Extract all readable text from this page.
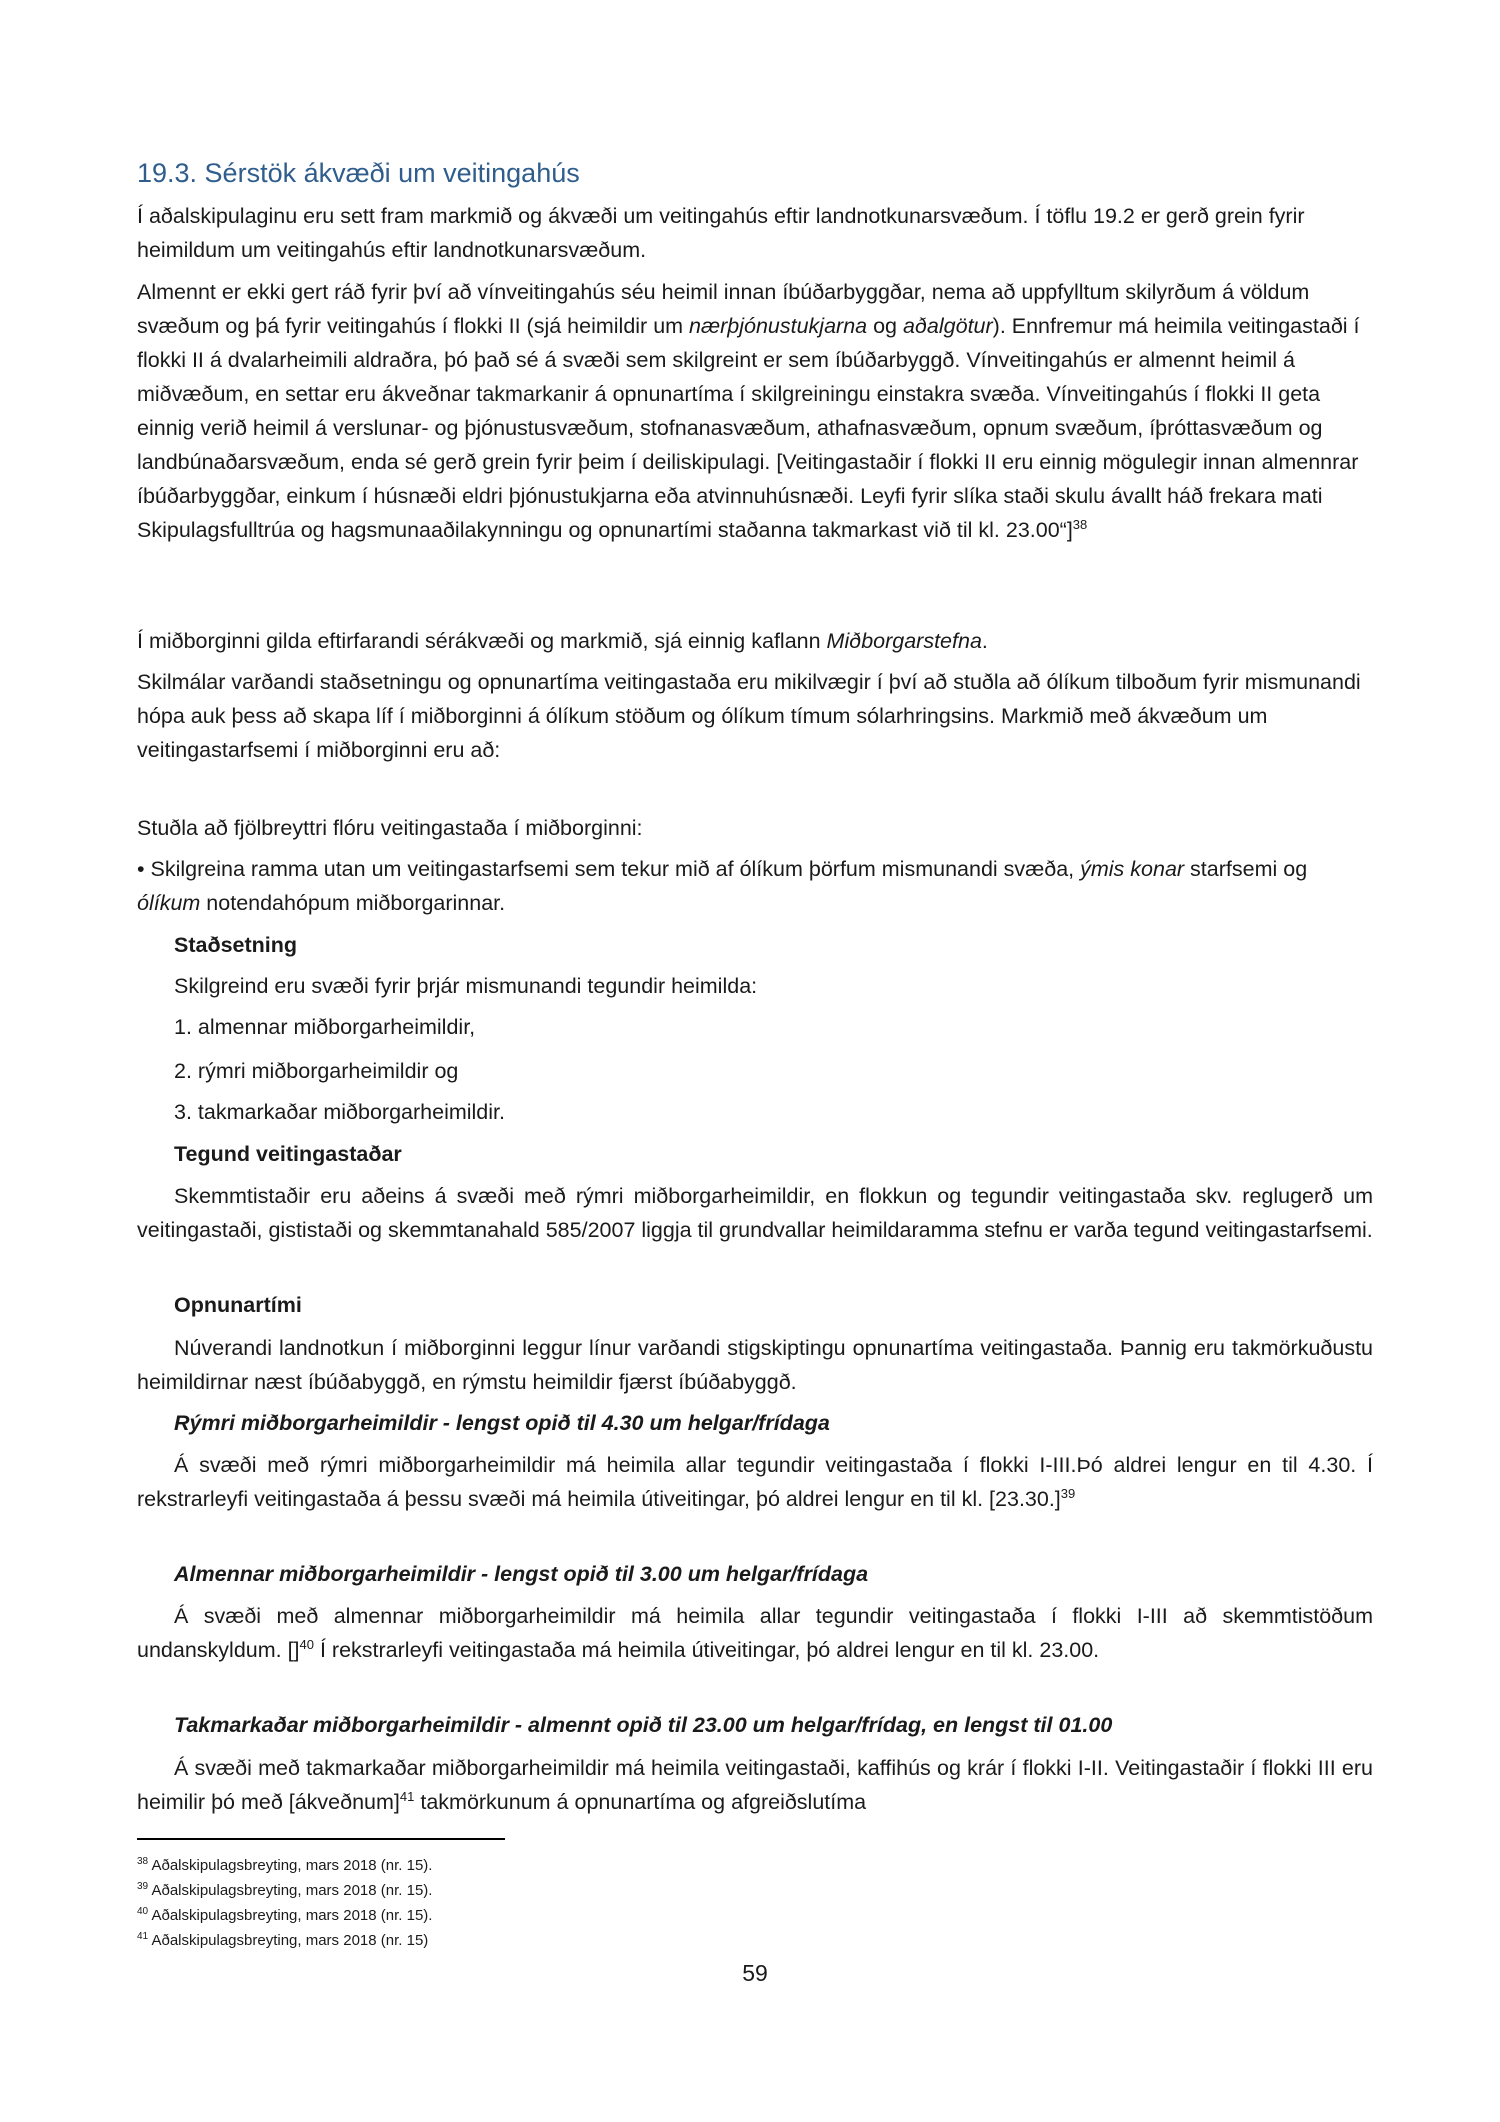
19.3. Sérstök ákvæði um veitingahús
Í aðalskipulaginu eru sett fram markmið og ákvæði um veitingahús eftir landnotkunarsvæðum. Í töflu 19.2 er gerð grein fyrir heimildum um veitingahús eftir landnotkunarsvæðum.
Almennt er ekki gert ráð fyrir því að vínveitingahús séu heimil innan íbúðarbyggðar, nema að uppfylltum skilyrðum á völdum svæðum og þá fyrir veitingahús í flokki II (sjá heimildir um nærþjónustukjarna og aðalgötur). Ennfremur má heimila veitingastaði í flokki II á dvalarheimili aldraðra, þó það sé á svæði sem skilgreint er sem íbúðarbyggð. Vínveitingahús er almennt heimil á miðvæðum, en settar eru ákveðnar takmarkanir á opnunartíma í skilgreiningu einstakra svæða. Vínveitingahús í flokki II geta einnig verið heimil á verslunar- og þjónustusvæðum, stofnanasvæðum, athafnasvæðum, opnum svæðum, íþróttasvæðum og landbúnaðarsvæðum, enda sé gerð grein fyrir þeim í deiliskipulagi. [Veitingastaðir í flokki II eru einnig mögulegir innan almennrar íbúðarbyggðar, einkum í húsnæði eldri þjónustukjarna eða atvinnuhúsnæði. Leyfi fyrir slíka staði skulu ávallt háð frekara mati Skipulagsfulltrúa og hagsmunaaðilakynningu og opnunartími staðanna takmarkast við til kl. 23.00“]$^{38}$
Í miðborginni gilda eftirfarandi sérákvæði og markmið, sjá einnig kaflann Miðborgarstefna.
Skilmálar varðandi staðsetningu og opnunartíma veitingastaða eru mikilvægir í því að stuðla að ólíkum tilboðum fyrir mismunandi hópa auk þess að skapa líf í miðborginni á ólíkum stöðum og ólíkum tímum sólarhringsins. Markmið með ákvæðum um veitingastarfsemi í miðborginni eru að:
Stuðla að fjölbreyttri flóru veitingastaða í miðborginni:
• Skilgreina ramma utan um veitingastarfsemi sem tekur mið af ólíkum þörfum mismunandi svæða, ýmis konar starfsemi og ólíkum notendahópum miðborgarinnar.
Staðsetning
Skilgreind eru svæði fyrir þrjár mismunandi tegundir heimilda:
1. almennar miðborgarheimildir,
2. rýmri miðborgarheimildir og
3. takmarkaðar miðborgarheimildir.
Tegund veitingastaðar
Skemmtistaðir eru aðeins á svæði með rýmri miðborgarheimildir, en flokkun og tegundir veitingastaða skv. reglugerð um veitingastaði, gististaði og skemmtanahald 585/2007 liggja til grundvallar heimildaramma stefnu er varða tegund veitingastarfsemi.
Opnunartími
Núverandi landnotkun í miðborginni leggur línur varðandi stigskiptingu opnunartíma veitingastaða. Þannig eru takmörkuðustu heimildirnar næst íbúðabyggð, en rýmstu heimildir fjærst íbúðabyggð.
Rýmri miðborgarheimildir - lengst opið til 4.30 um helgar/frídaga
Á svæði með rýmri miðborgarheimildir má heimila allar tegundir veitingastaða í flokki I-III.Þó aldrei lengur en til 4.30. Í rekstrarleyfi veitingastaða á þessu svæði má heimila útiveitingar, þó aldrei lengur en til kl. $[23.30.]^{39}$
Almennar miðborgarheimildir - lengst opið til 3.00 um helgar/frídaga
Á svæði með almennar miðborgarheimildir má heimila allar tegundir veitingastaða í flokki I-III að skemmtistöðum undanskyldum. []$^{40}$ Í rekstrarleyfi veitingastaða má heimila útiveitingar, þó aldrei lengur en til kl. 23.00.
Takmarkaðar miðborgarheimildir - almennt opið til 23.00 um helgar/frídag, en lengst til 01.00
Á svæði með takmarkaðar miðborgarheimildir má heimila veitingastaði, kaffihús og krár í flokki I-II. Veitingastaðir í flokki III eru heimilir þó með [ákveðnum]$^{41}$ takmörkunum á opnunartíma og afgreiðslutíma
$^{38}$ Aðalskipulagsbreyting, mars 2018 (nr. 15).
$^{39}$ Aðalskipulagsbreyting, mars 2018 (nr. 15).
$^{40}$ Aðalskipulagsbreyting, mars 2018 (nr. 15).
$^{41}$ Aðalskipulagsbreyting, mars 2018 (nr. 15)
59
